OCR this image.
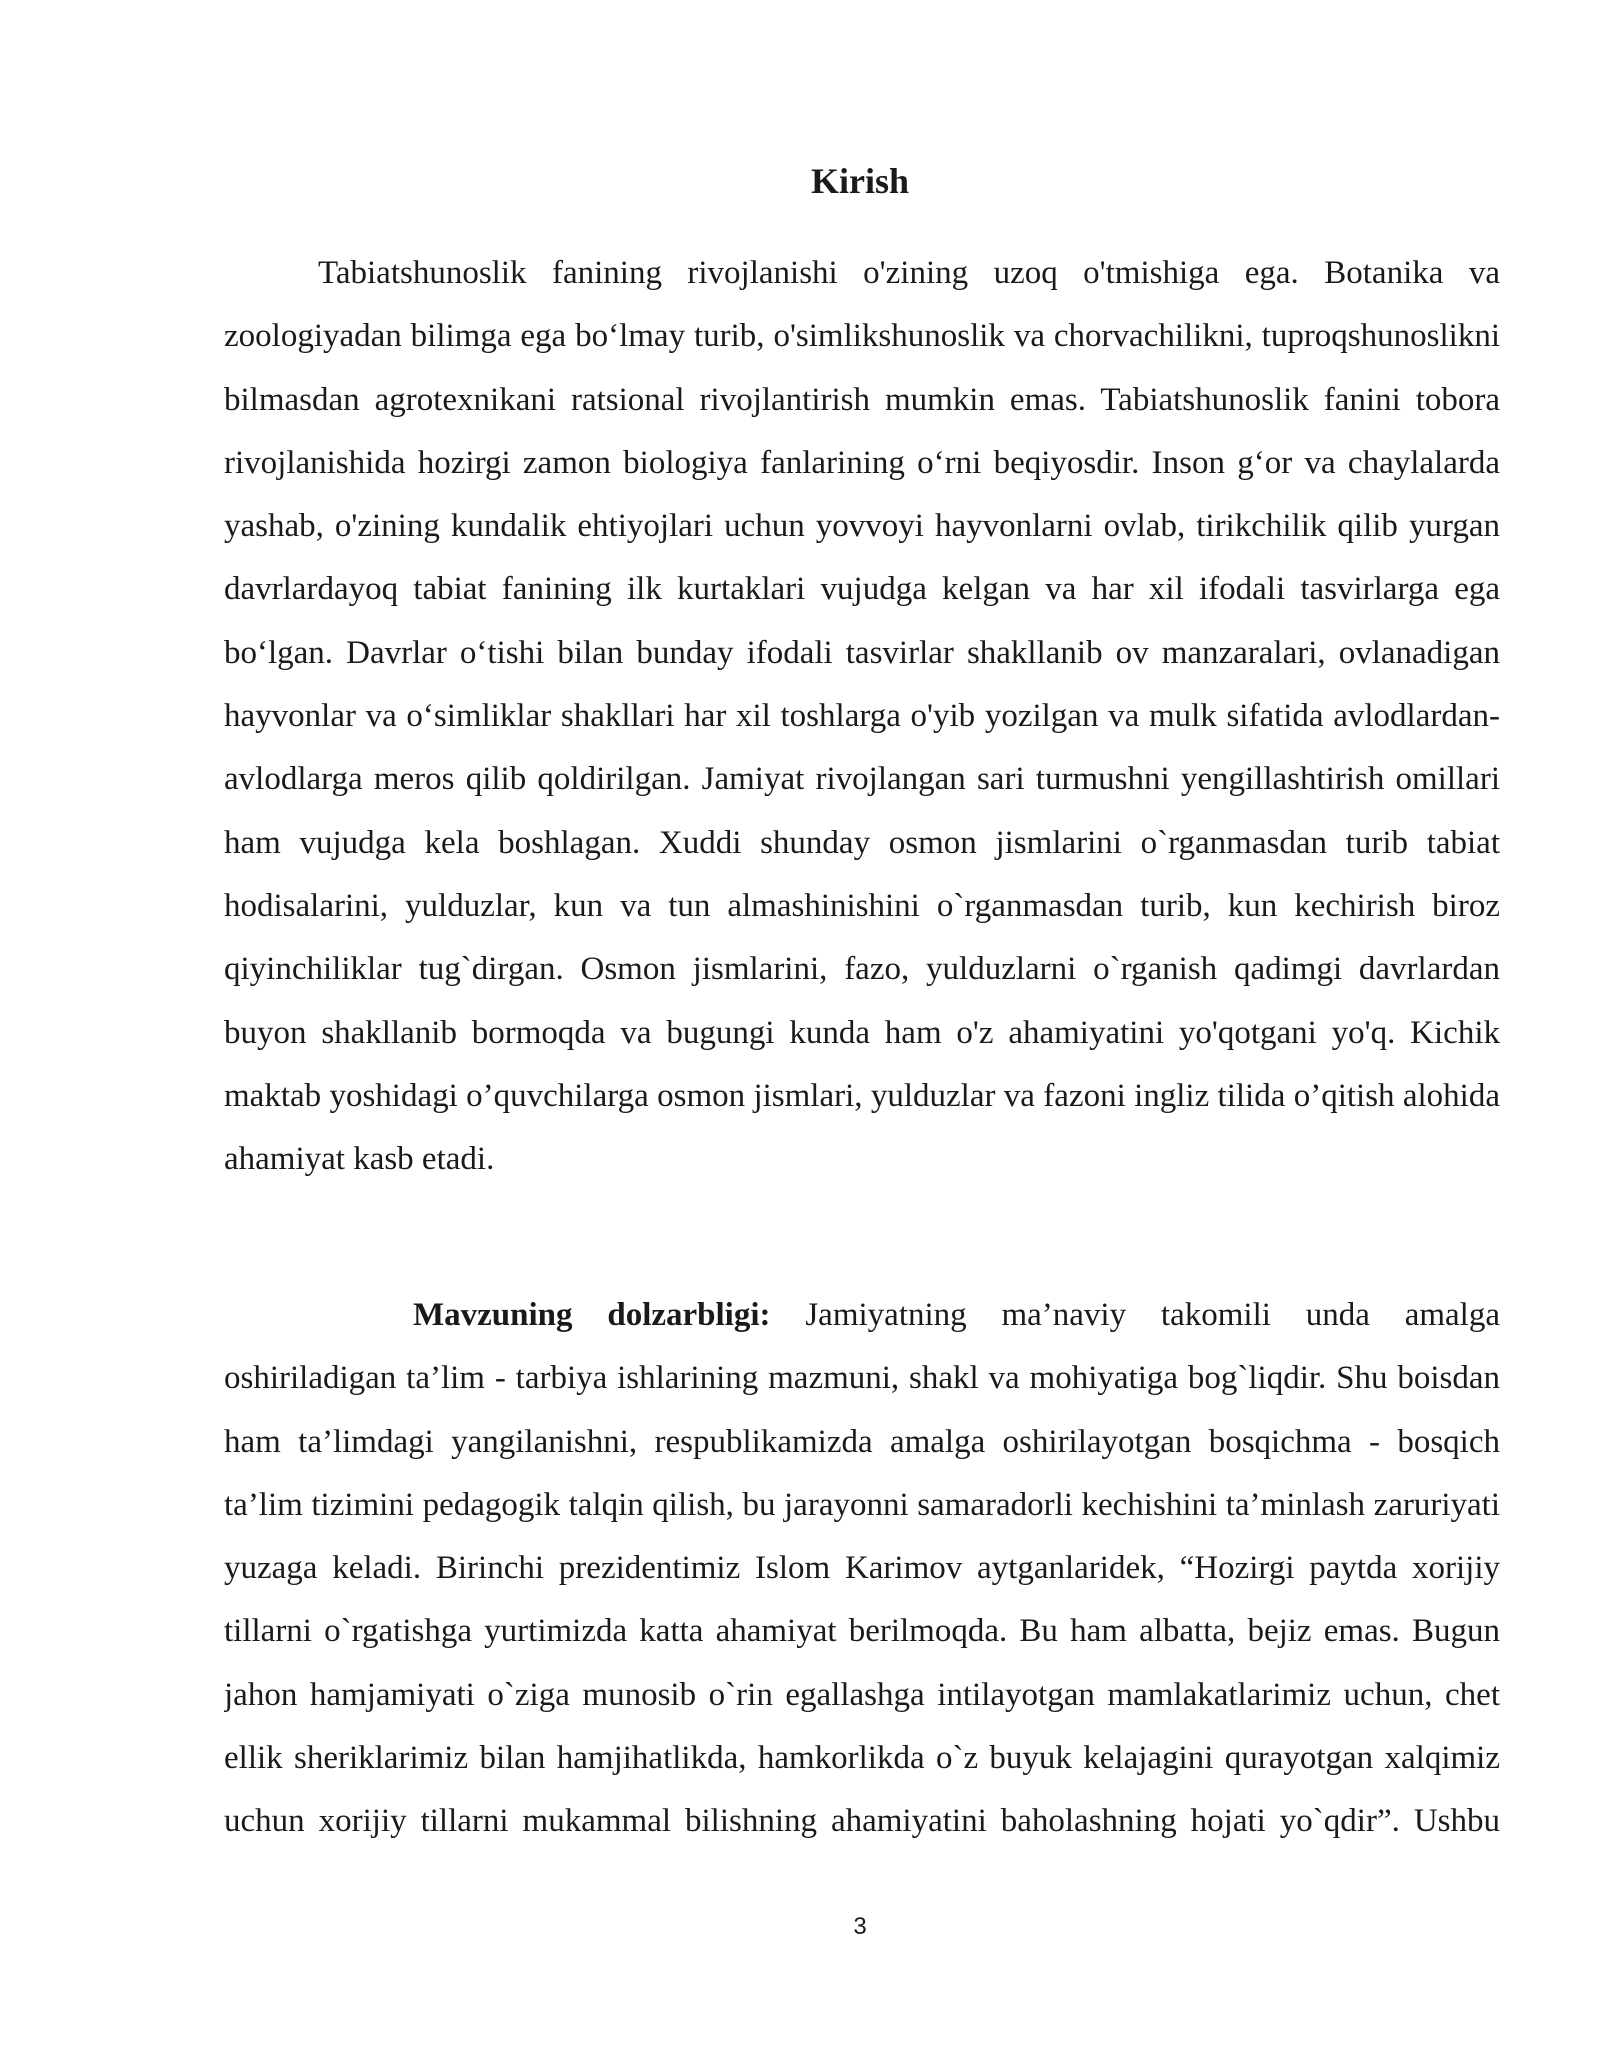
Kirish

Tabiatshunoslik fanining rivojlanishi o'zining uzoq o'tmishiga ega. Botanika va zoologiyadan bilimga ega bo‘lmay turib, o'simlikshunoslik va chorvachilikni, tuproqshunoslikni bilmasdan agrotexnikani ratsional rivojlantirish mumkin emas. Tabiatshunoslik fanini tobora rivojlanishida hozirgi zamon biologiya fanlarining o‘rni beqiyosdir. Inson g‘or va chaylalarda yashab, o'zining kundalik ehtiyojlari uchun yovvoyi hayvonlarni ovlab, tirikchilik qilib yurgan davrlardayoq tabiat fanining ilk kurtaklari vujudga kelgan va har xil ifodali tasvirlarga ega bo‘lgan. Davrlar o‘tishi bilan bunday ifodali tasvirlar shakllanib ov manzaralari, ovlanadigan hayvonlar va o‘simliklar shakllari har xil toshlarga o'yib yozilgan va mulk sifatida avlodlardan-avlodlarga meros qilib qoldirilgan. Jamiyat rivojlangan sari turmushni yengillashtirish omillari ham vujudga kela boshlagan. Xuddi shunday osmon jismlarini o`rganmasdan turib tabiat hodisalarini, yulduzlar, kun va tun almashinishini o`rganmasdan turib, kun kechirish biroz qiyinchiliklar tug`dirgan. Osmon jismlarini, fazo, yulduzlarni o`rganish qadimgi davrlardan buyon shakllanib bormoqda va bugungi kunda ham o'z ahamiyatini yo'qotgani yo'q. Kichik maktab yoshidagi o’quvchilarga osmon jismlari, yulduzlar va fazoni ingliz tilida o’qitish alohida ahamiyat kasb etadi.

Mavzuning dolzarbligi: Jamiyatning ma’naviy takomili unda amalga oshiriladigan ta’lim - tarbiya ishlarining mazmuni, shakl va mohiyatiga bog`liqdir. Shu boisdan ham ta’limdagi yangilanishni, respublikamizda amalga oshirilayotgan bosqichma - bosqich ta’lim tizimini pedagogik talqin qilish, bu jarayonni samaradorli kechishini ta’minlash zaruriyati yuzaga keladi. Birinchi prezidentimiz Islom Karimov aytganlaridek, “Hozirgi paytda xorijiy tillarni o`rgatishga yurtimizda katta ahamiyat berilmoqda. Bu ham albatta, bejiz emas. Bugun jahon hamjamiyati o`ziga munosib o`rin egallashga intilayotgan mamlakatlarimiz uchun, chet ellik sheriklarimiz bilan hamjihatlikda, hamkorlikda o`z buyuk kelajagini qurayotgan xalqimiz uchun xorijiy tillarni mukammal bilishning ahamiyatini baholashning hojati yo`qdir”. Ushbu

3
